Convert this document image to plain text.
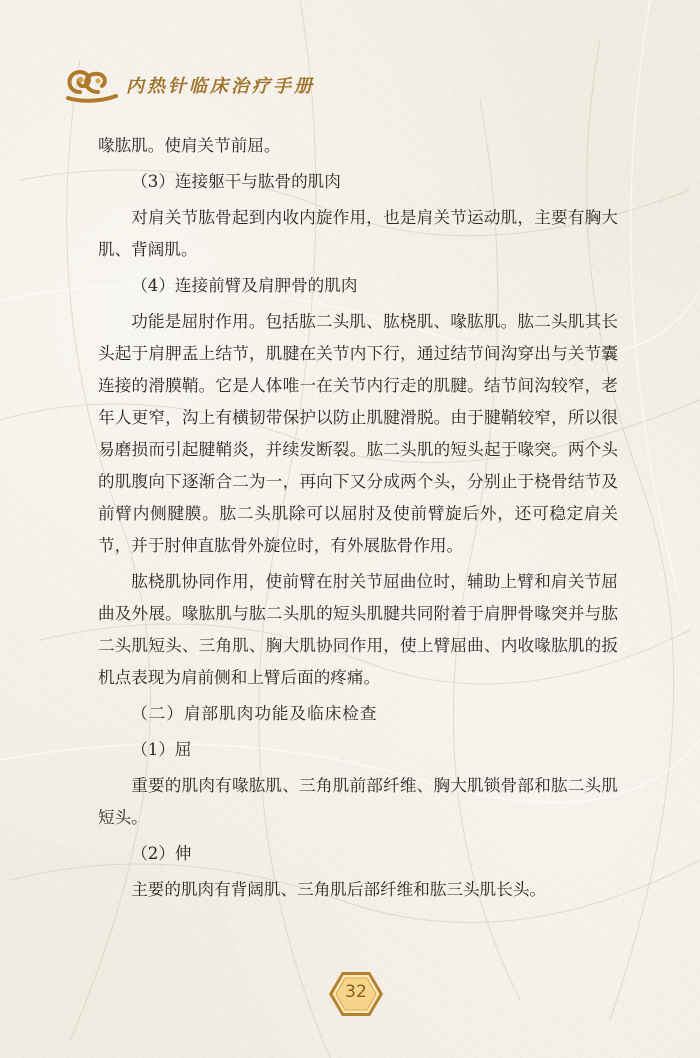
内热针临床治疗手册

喙肱肌。使肩关节前屈。

（3）连接躯干与肱骨的肌肉

对肩关节肱骨起到内收内旋作用，也是肩关节运动肌，主要有胸大肌、背阔肌。

（4）连接前臂及肩胛骨的肌肉

功能是屈肘作用。包括肱二头肌、肱桡肌、喙肱肌。肱二头肌其长头起于肩胛盂上结节，肌腱在关节内下行，通过结节间沟穿出与关节囊连接的滑膜鞘。它是人体唯一在关节内行走的肌腱。结节间沟较窄，老年人更窄，沟上有横韧带保护以防止肌腱滑脱。由于腱鞘较窄，所以很易磨损而引起腱鞘炎，并续发断裂。肱二头肌的短头起于喙突。两个头的肌腹向下逐渐合二为一，再向下又分成两个头，分别止于桡骨结节及前臂内侧腱膜。肱二头肌除可以屈肘及使前臂旋后外，还可稳定肩关节，并于肘伸直肱骨外旋位时，有外展肱骨作用。

肱桡肌协同作用，使前臂在肘关节屈曲位时，辅助上臂和肩关节屈曲及外展。喙肱肌与肱二头肌的短头肌腱共同附着于肩胛骨喙突并与肱二头肌短头、三角肌、胸大肌协同作用，使上臂屈曲、内收喙肱肌的扳机点表现为肩前侧和上臂后面的疼痛。

（二）肩部肌肉功能及临床检查

（1）屈

重要的肌肉有喙肱肌、三角肌前部纤维、胸大肌锁骨部和肱二头肌短头。

（2）伸

主要的肌肉有背阔肌、三角肌后部纤维和肱三头肌长头。

32
